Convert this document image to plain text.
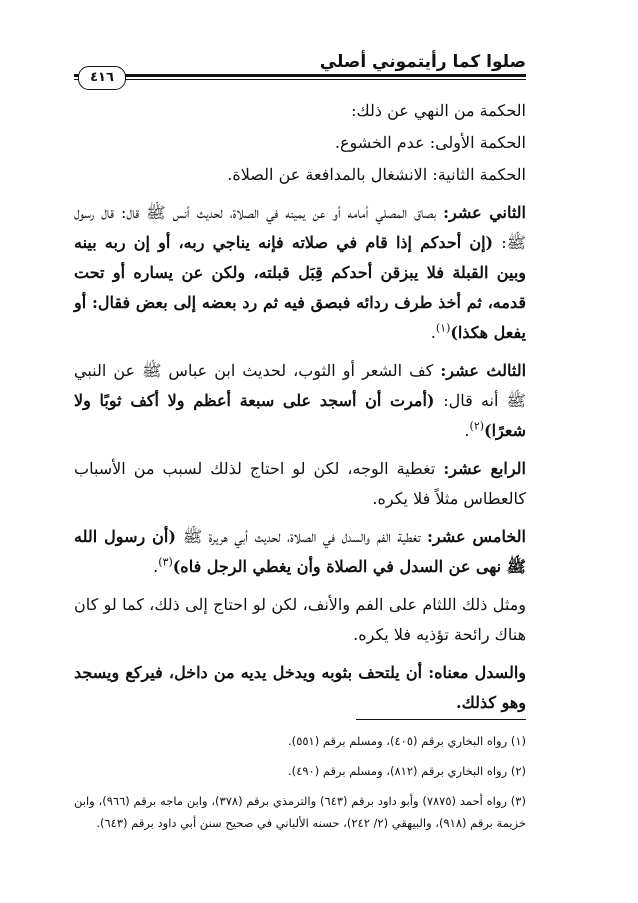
صلوا كما رأيتموني أصلي
٤١٦

الحكمة من النهي عن ذلك:

الحكمة الأولى: عدم الخشوع.

الحكمة الثانية: الانشغال بالمدافعة عن الصلاة.

الثاني عشر: بصاق المصلي أمامه أو عن يمينه في الصلاة، لحديث أنس ﷺ قال: قال رسول ﷺ: (إن أحدكم إذا قام في صلاته فإنه يناجي ربه، أو إن ربه بينه وبين القبلة فلا يبزقن أحدكم قِبَل قبلته، ولكن عن يساره أو تحت قدمه، ثم أخذ طرف ردائه فبصق فيه ثم رد بعضه إلى بعض فقال: أو يفعل هكذا)$^{(١)}$.

الثالث عشر: كف الشعر أو الثوب، لحديث ابن عباس ﷺ عن النبي ﷺ أنه قال: (أمرت أن أسجد على سبعة أعظم ولا أكف ثوبًا ولا شعرًا)$^{(٢)}$.

الرابع عشر: تغطية الوجه، لكن لو احتاج لذلك لسبب من الأسباب كالعطاس مثلاً فلا يكره.

الخامس عشر: تغطية الفم والسدل في الصلاة، لحديث أبي هريرة ﷺ (أن رسول الله ﷺ نهى عن السدل في الصلاة وأن يغطي الرجل فاه)$^{(٣)}$.

ومثل ذلك اللثام على الفم والأنف، لكن لو احتاج إلى ذلك، كما لو كان هناك رائحة تؤذيه فلا يكره.

والسدل معناه: أن يلتحف بثوبه ويدخل يديه من داخل، فيركع ويسجد وهو كذلك.

(١) رواه البخاري برقم (٤٠٥)، ومسلم برقم (٥٥١).

(٢) رواه البخاري برقم (٨١٢)، ومسلم برقم (٤٩٠).

(٣) رواه أحمد (٧٨٧٥) وأبو داود برقم (٦٤٣) والترمذي برقم (٣٧٨)، وابن ماجه برقم (٩٦٦)، وابن خزيمة برقم (٩١٨)، والبيهقي (٢/ ٢٤٢)، حسنه الألباني في صحيح سنن أبي داود برقم (٦٤٣).
